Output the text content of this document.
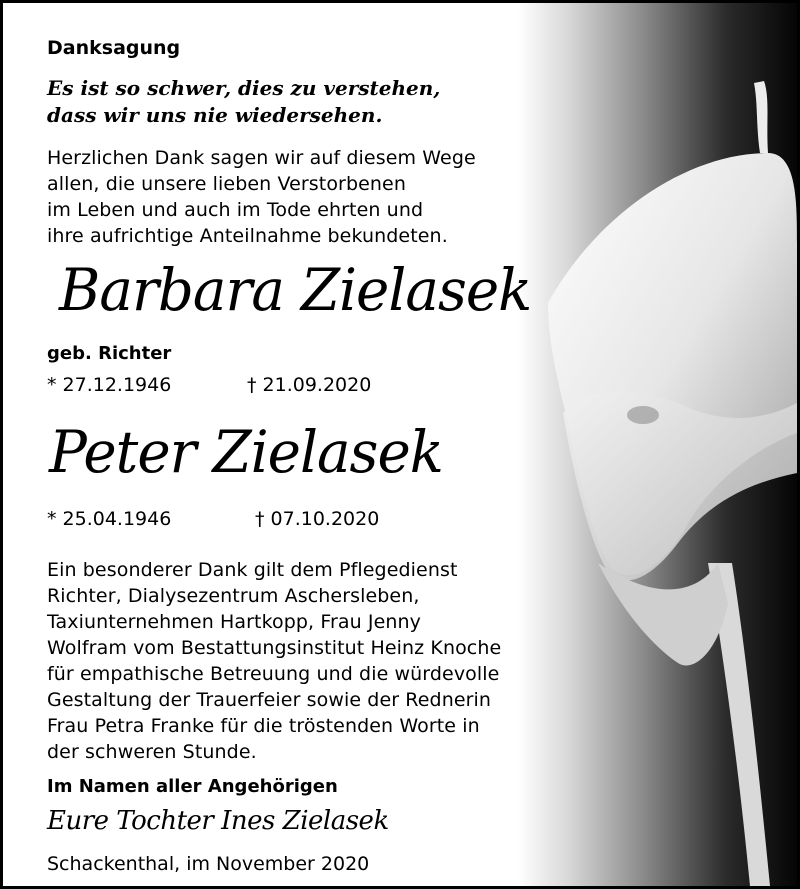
Danksagung

Es ist so schwer, dies zu verstehen,
dass wir uns nie wiedersehen.
Herzlichen Dank sagen wir auf diesem Wege
allen, die unsere lieben Verstorbenen
im Leben und auch im Tode ehrten und
ihre aufrichtige Anteilnahme bekundeten.

Barbara Zielasek

geb. Richter

* 27.12.1946	† 21.09.2020

Peter Zielasek

* 25.04.1946	† 07.10.2020

Ein besonderer Dank gilt dem Pflegedienst
Richter, Dialysezentrum Aschersleben,
Taxiunternehmen Hartkopp, Frau Jenny
Wolfram vom Bestattungsinstitut Heinz Knoche
für empathische Betreuung und die würdevolle
Gestaltung der Trauerfeier sowie der Rednerin
Frau Petra Franke für die tröstenden Worte in
der schweren Stunde.

Im Namen aller Angehörigen

Eure Tochter Ines Zielasek

Schackenthal, im November 2020
